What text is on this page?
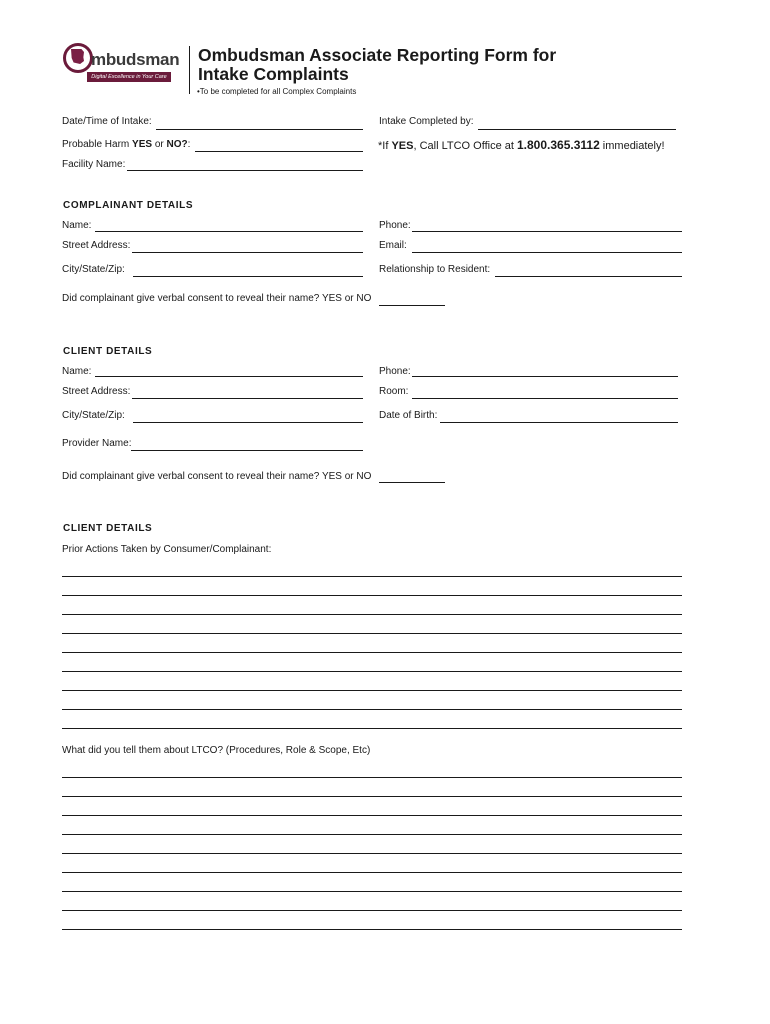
mbudsman
Digital Excellence in Your Care
Ombudsman Associate Reporting Form for
Intake Complaints
•To be completed for all Complex Complaints
Date/Time of Intake:	Intake Completed by:
Probable Harm YES or NO?:	*If YES, Call LTCO Office at 1.800.365.3112 immediately!
Facility Name:
COMPLAINANT DETAILS
Name:	Phone:
Street Address:	Email:
City/State/Zip:	Relationship to Resident:
Did complainant give verbal consent to reveal their name? YES or NO
CLIENT DETAILS
Name:	Phone:
Street Address:	Room:
City/State/Zip:	Date of Birth:
Provider Name:
Did complainant give verbal consent to reveal their name? YES or NO
CLIENT DETAILS
Prior Actions Taken by Consumer/Complainant:
What did you tell them about LTCO? (Procedures, Role & Scope, Etc)
